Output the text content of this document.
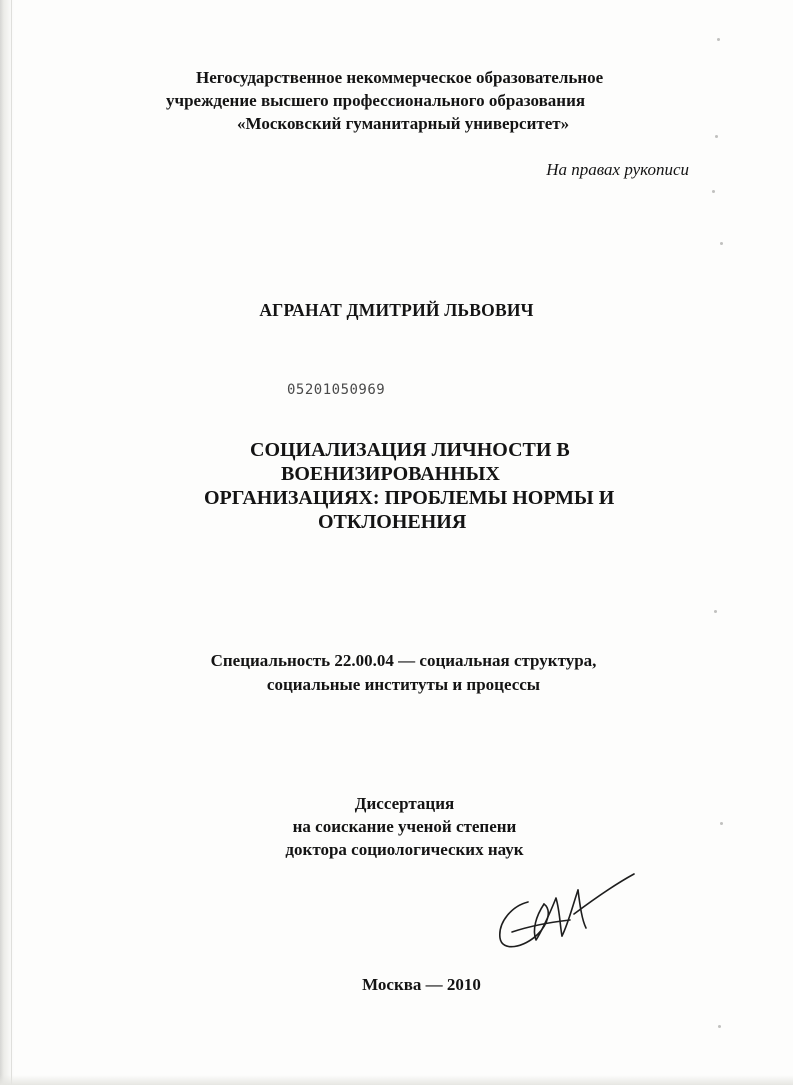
Негосударственное некоммерческое образовательное
учреждение высшего профессионального образования
«Московский гуманитарный университет»

На правах рукописи

АГРАНАТ ДМИТРИЙ ЛЬВОВИЧ

05201050969
СОЦИАЛИЗАЦИЯ ЛИЧНОСТИ В
ВОЕНИЗИРОВАННЫХ
ОРГАНИЗАЦИЯХ: ПРОБЛЕМЫ НОРМЫ И
ОТКЛОНЕНИЯ

Специальность 22.00.04 — социальная структура,
социальные институты и процессы

Диссертация
на соискание ученой степени
доктора социологических наук

Москва — 2010
